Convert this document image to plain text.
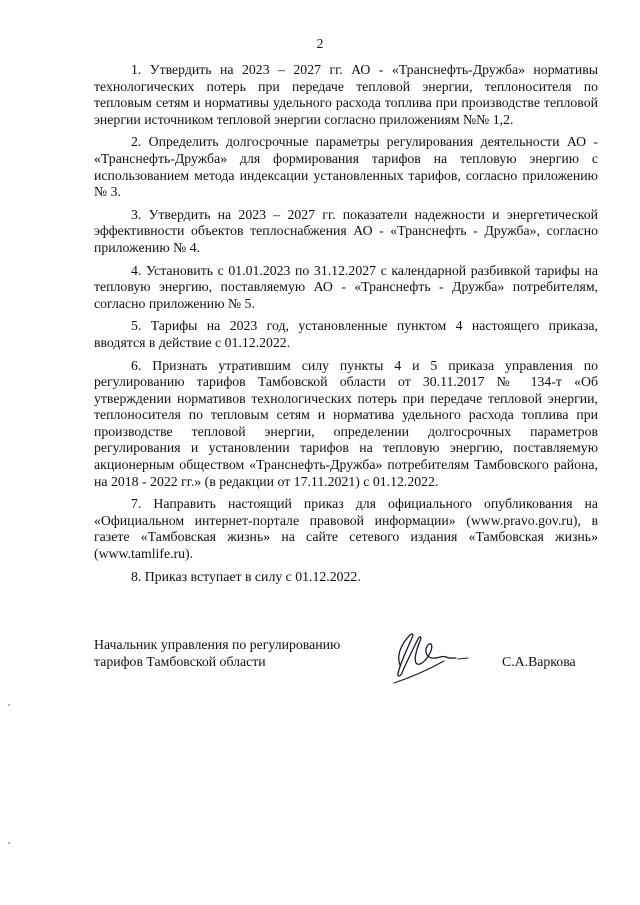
2

1. Утвердить на 2023 – 2027 гг. АО - «Транснефть-Дружба» нормативы технологических потерь при передаче тепловой энергии, теплоносителя по тепловым сетям и нормативы удельного расхода топлива при производстве тепловой энергии источником тепловой энергии согласно приложениям №№ 1,2.

2. Определить долгосрочные параметры регулирования деятельности АО - «Транснефть-Дружба» для формирования тарифов на тепловую энергию с использованием метода индексации установленных тарифов, согласно приложению № 3.

3. Утвердить на 2023 – 2027 гг. показатели надежности и энергетической эффективности объектов теплоснабжения АО - «Транснефть - Дружба», согласно приложению № 4.

4. Установить с 01.01.2023 по 31.12.2027 с календарной разбивкой тарифы на тепловую энергию, поставляемую АО - «Транснефть - Дружба» потребителям, согласно приложению № 5.

5. Тарифы на 2023 год, установленные пунктом 4 настоящего приказа, вводятся в действие с 01.12.2022.

6. Признать утратившим силу пункты 4 и 5 приказа управления по регулированию тарифов Тамбовской области от 30.11.2017 № 134-т «Об утверждении нормативов технологических потерь при передаче тепловой энергии, теплоносителя по тепловым сетям и норматива удельного расхода топлива при производстве тепловой энергии, определении долгосрочных параметров регулирования и установлении тарифов на тепловую энергию, поставляемую акционерным обществом «Транснефть-Дружба» потребителям Тамбовского района, на 2018 - 2022 гг.» (в редакции от 17.11.2021) с 01.12.2022.

7. Направить настоящий приказ для официального опубликования на «Официальном интернет-портале правовой информации» (www.pravo.gov.ru), в газете «Тамбовская жизнь» на сайте сетевого издания «Тамбовская жизнь» (www.tamlife.ru).

8. Приказ вступает в силу с 01.12.2022.

Начальник управления по регулированию
тарифов Тамбовской области	С.А.Варкова
